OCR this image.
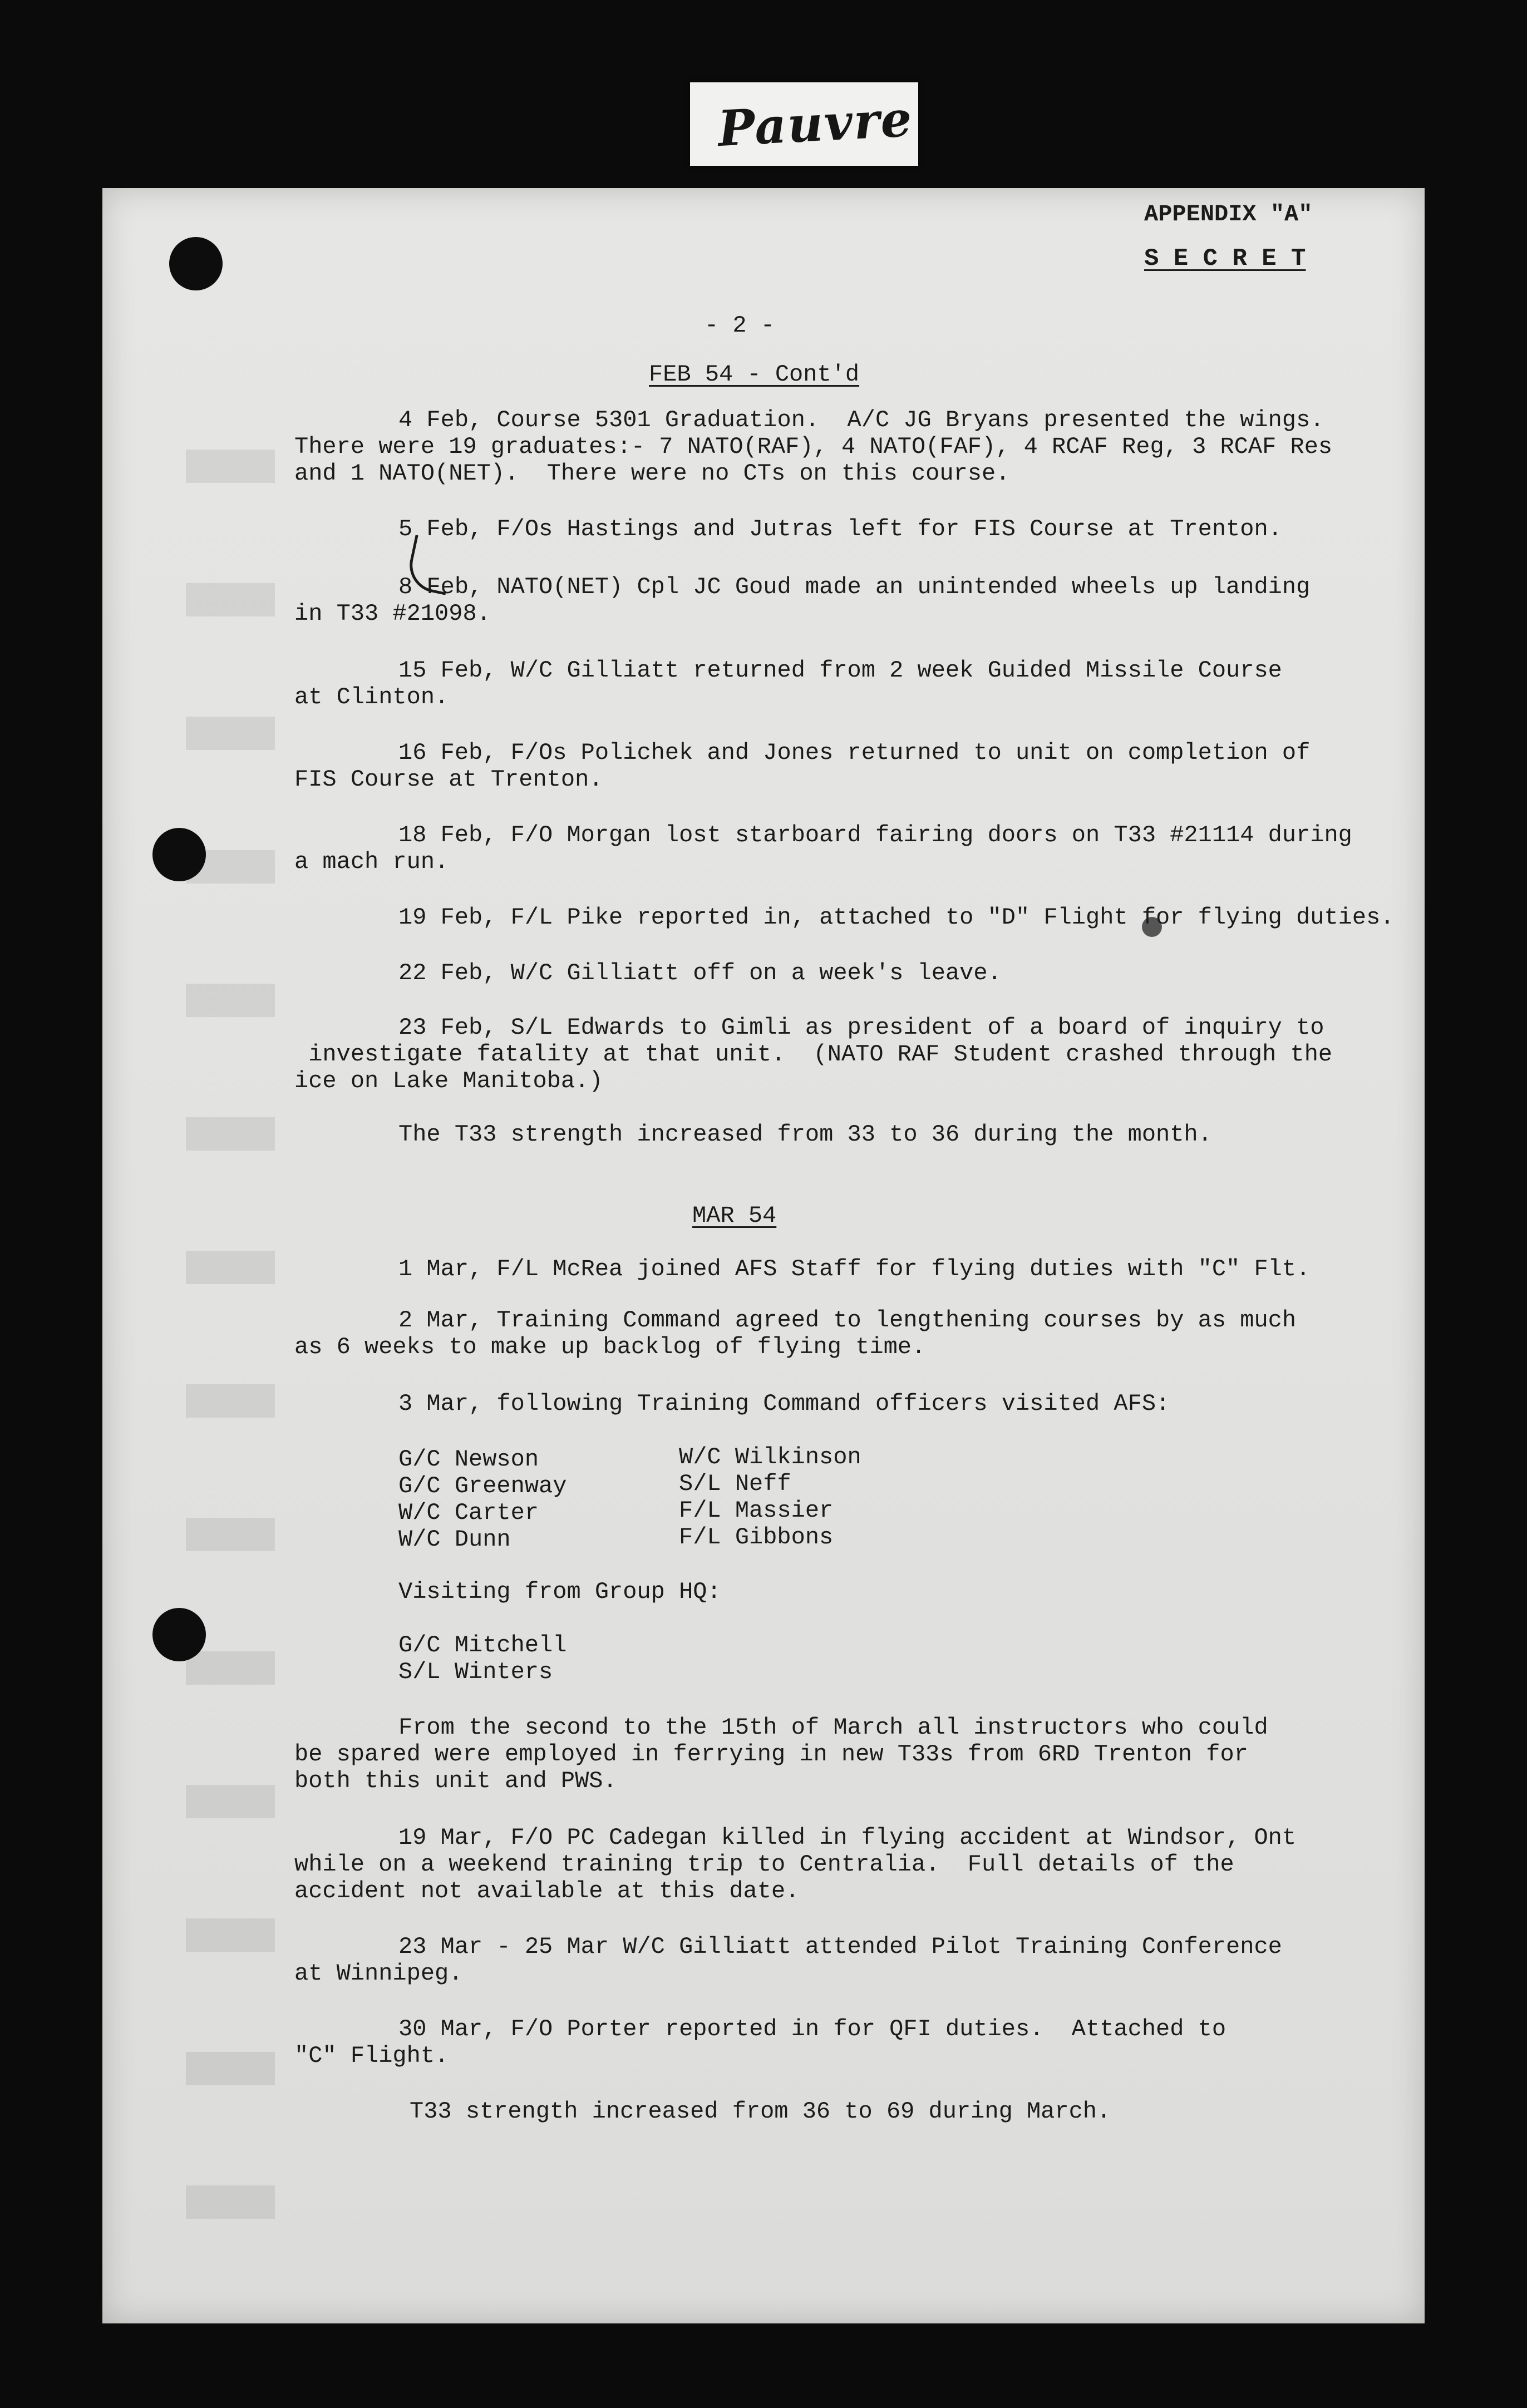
Pauvre
APPENDIX "A"
S E C R E T
- 2 -
FEB 54 - Cont'd
4 Feb, Course 5301 Graduation.  A/C JG Bryans presented the wings.
There were 19 graduates:- 7 NATO(RAF), 4 NATO(FAF), 4 RCAF Reg, 3 RCAF Res
and 1 NATO(NET).  There were no CTs on this course.
5 Feb, F/Os Hastings and Jutras left for FIS Course at Trenton.
8 Feb, NATO(NET) Cpl JC Goud made an unintended wheels up landing
in T33 #21098.
15 Feb, W/C Gilliatt returned from 2 week Guided Missile Course
at Clinton.
16 Feb, F/Os Polichek and Jones returned to unit on completion of
FIS Course at Trenton.
18 Feb, F/O Morgan lost starboard fairing doors on T33 #21114 during
a mach run.
19 Feb, F/L Pike reported in, attached to "D" Flight for flying duties.
22 Feb, W/C Gilliatt off on a week's leave.
23 Feb, S/L Edwards to Gimli as president of a board of inquiry to
investigate fatality at that unit.  (NATO RAF Student crashed through the
ice on Lake Manitoba.)
The T33 strength increased from 33 to 36 during the month.
MAR 54
1 Mar, F/L McRea joined AFS Staff for flying duties with "C" Flt.
2 Mar, Training Command agreed to lengthening courses by as much
as 6 weeks to make up backlog of flying time.
3 Mar, following Training Command officers visited AFS:
G/C Newson
G/C Greenway
W/C Carter
W/C Dunn
W/C Wilkinson
S/L Neff
F/L Massier
F/L Gibbons
Visiting from Group HQ:
G/C Mitchell
S/L Winters
From the second to the 15th of March all instructors who could
be spared were employed in ferrying in new T33s from 6RD Trenton for
both this unit and PWS.
19 Mar, F/O PC Cadegan killed in flying accident at Windsor, Ont
while on a weekend training trip to Centralia.  Full details of the
accident not available at this date.
23 Mar - 25 Mar W/C Gilliatt attended Pilot Training Conference
at Winnipeg.
30 Mar, F/O Porter reported in for QFI duties.  Attached to
"C" Flight.
T33 strength increased from 36 to 69 during March.
